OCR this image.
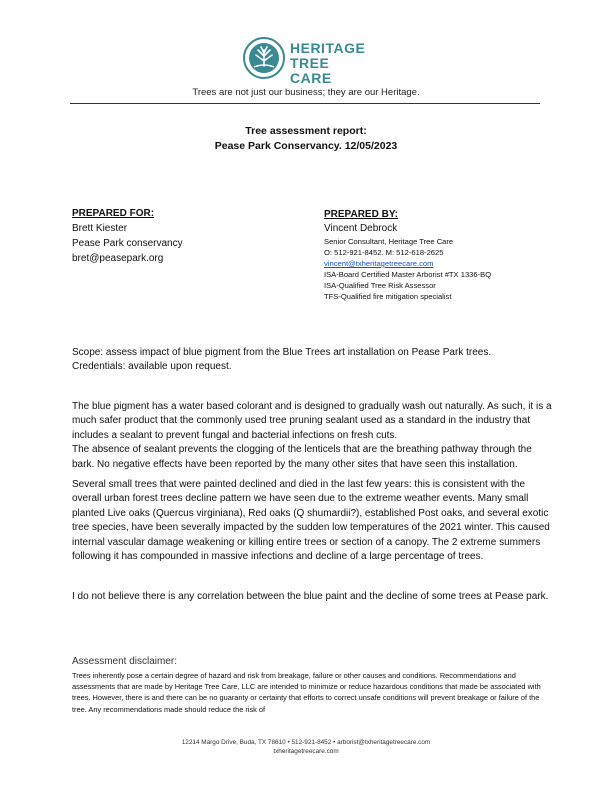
HERITAGE
TREE CARE
Trees are not just our business; they are our Heritage.
Tree assessment report:
Pease Park Conservancy. 12/05/2023
PREPARED FOR:
Brett Kiester
Pease Park conservancy
bret@peasepark.org
PREPARED BY:
Vincent Debrock
Senior Consultant, Heritage Tree Care
O: 512-921-8452. M: 512-618-2625
vincent@txheritagetreecare.com
ISA-Board Certified Master Arborist #TX 1336-BQ
ISA-Qualified Tree Risk Assessor
TFS-Qualified fire mitigation specialist

Scope: assess impact of blue pigment from the Blue Trees art installation on Pease Park trees.

Credentials: available upon request.

The blue pigment has a water based colorant and is designed to gradually wash out naturally. As such, it is a much safer product that the commonly used tree pruning sealant used as a standard in the industry that includes a sealant to prevent fungal and bacterial infections on fresh cuts.

The absence of sealant prevents the clogging of the lenticels that are the breathing pathway through the bark. No negative effects have been reported by the many other sites that have seen this installation.

Several small trees that were painted declined and died in the last few years: this is consistent with the overall urban forest trees decline pattern we have seen due to the extreme weather events. Many small planted Live oaks (Quercus virginiana), Red oaks (Q shumardii?), established Post oaks, and several exotic tree species, have been severally impacted by the sudden low temperatures of the 2021 winter. This caused internal vascular damage weakening or killing entire trees or section of a canopy. The 2 extreme summers following it has compounded in massive infections and decline of a large percentage of trees.

I do not believe there is any correlation between the blue paint and the decline of some trees at Pease park.

Assessment disclaimer:
Trees inherently pose a certain degree of hazard and risk from breakage, failure or other causes and conditions. Recommendations and assessments that are made by Heritage Tree Care, LLC are intended to minimize or reduce hazardous conditions that made be associated with trees. However, there is and there can be no guaranty or certainty that efforts to correct unsafe conditions will prevent breakage or failure of the tree. Any recommendations made should reduce the risk of
12214 Margo Drive, Buda, TX 78610 • 512-921-8452 • arborist@txheritagetreecare.com
txheritagetreecare.com
